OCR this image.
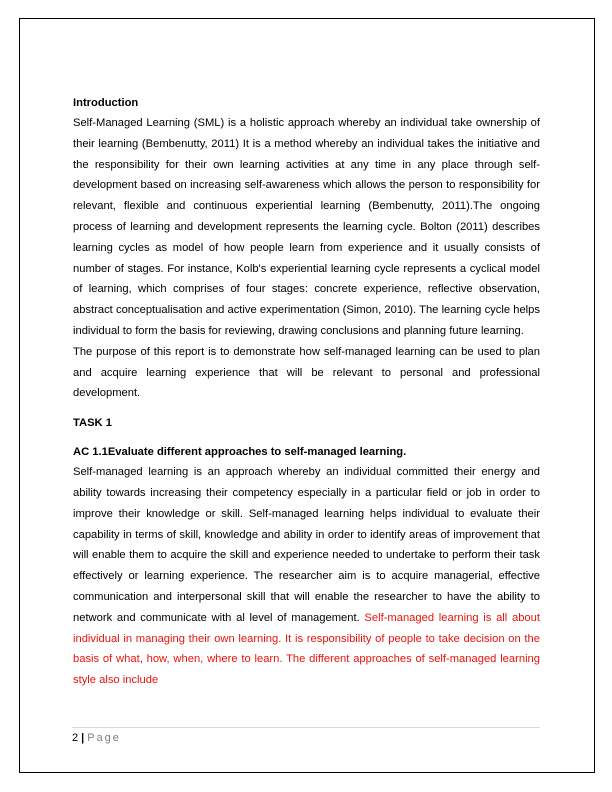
Introduction

Self-Managed Learning (SML) is a holistic approach whereby an individual take ownership of their learning (Bembenutty, 2011) It is a method whereby an individual takes the initiative and the responsibility for their own learning activities at any time in any place through self-development based on increasing self-awareness which allows the person to responsibility for relevant, flexible and continuous experiential learning (Bembenutty, 2011).The ongoing process of learning and development represents the learning cycle. Bolton (2011) describes learning cycles as model of how people learn from experience and it usually consists of number of stages. For instance, Kolb's experiential learning cycle represents a cyclical model of learning, which comprises of four stages: concrete experience, reflective observation, abstract conceptualisation and active experimentation (Simon, 2010). The learning cycle helps individual to form the basis for reviewing, drawing conclusions and planning future learning.

The purpose of this report is to demonstrate how self-managed learning can be used to plan and acquire learning experience that will be relevant to personal and professional development.

TASK 1

AC 1.1Evaluate different approaches to self-managed learning.

Self-managed learning is an approach whereby an individual committed their energy and ability towards increasing their competency especially in a particular field or job in order to improve their knowledge or skill. Self-managed learning helps individual to evaluate their capability in terms of skill, knowledge and ability in order to identify areas of improvement that will enable them to acquire the skill and experience needed to undertake to perform their task effectively or learning experience. The researcher aim is to acquire managerial, effective communication and interpersonal skill that will enable the researcher to have the ability to network and communicate with al level of management. Self-managed learning is all about individual in managing their own learning. It is responsibility of people to take decision on the basis of what, how, when, where to learn. The different approaches of self-managed learning style also include

2 | Page
